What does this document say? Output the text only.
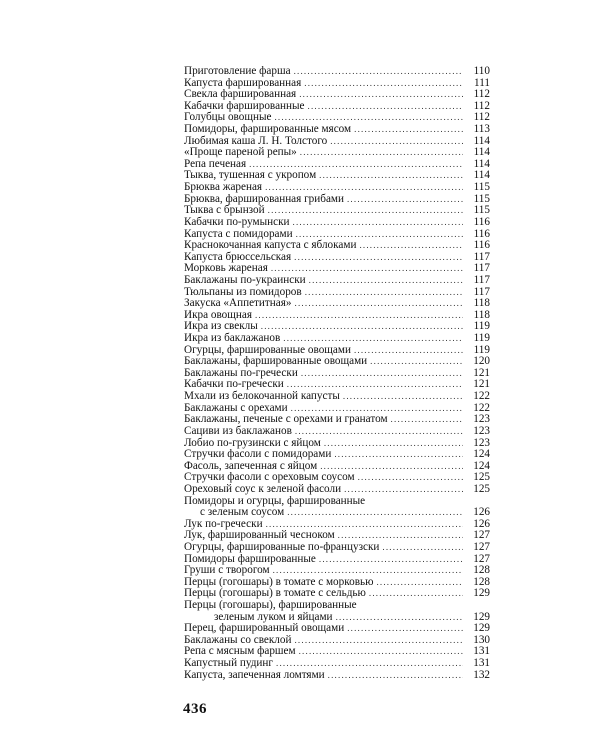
Приготовление фарша .....	110
Капуста фаршированная .....	111
Свекла фаршированная .....	112
Кабачки фаршированные .....	112
Голубцы овощные .....	112
Помидоры, фаршированные мясом .....	113
Любимая каша Л. Н. Толстого .....	114
«Проще пареной репы» .....	114
Репа печеная .....	114
Тыква, тушенная с укропом .....	114
Брюква жареная .....	115
Брюква, фаршированная грибами .....	115
Тыква с брынзой .....	115
Кабачки по-румынски .....	116
Капуста с помидорами .....	116
Краснокочанная капуста с яблоками .....	116
Капуста брюссельская .....	117
Морковь жареная .....	117
Баклажаны по-украински .....	117
Тюльпаны из помидоров .....	117
Закуска «Аппетитная» .....	118
Икра овощная .....	118
Икра из свеклы .....	119
Икра из баклажанов .....	119
Огурцы, фаршированные овощами .....	119
Баклажаны, фаршированные овощами .....	120
Баклажаны по-гречески .....	121
Кабачки по-гречески .....	121
Мхали из белокочанной капусты .....	122
Баклажаны с орехами .....	122
Баклажаны, печеные с орехами и гранатом .....	123
Сациви из баклажанов .....	123
Лобио по-грузински с яйцом .....	123
Стручки фасоли с помидорами .....	124
Фасоль, запеченная с яйцом .....	124
Стручки фасоли с ореховым соусом .....	125
Ореховый соус к зеленой фасоли .....	125
Помидоры и огурцы, фаршированные
с зеленым соусом .....	126
Лук по-гречески .....	126
Лук, фаршированный чесноком .....	127
Огурцы, фаршированные по-французски .....	127
Помидоры фаршированные .....	127
Груши с творогом .....	128
Перцы (гогошары) в томате с морковью .....	128
Перцы (гогошары) в томате с сельдью .....	129
Перцы (гогошары), фаршированные
зеленым луком и яйцами .....	129
Перец, фаршированный овощами .....	129
Баклажаны со свеклой .....	130
Репа с мясным фаршем .....	131
Капустный пудинг .....	131
Капуста, запеченная ломтями .....	132
436
